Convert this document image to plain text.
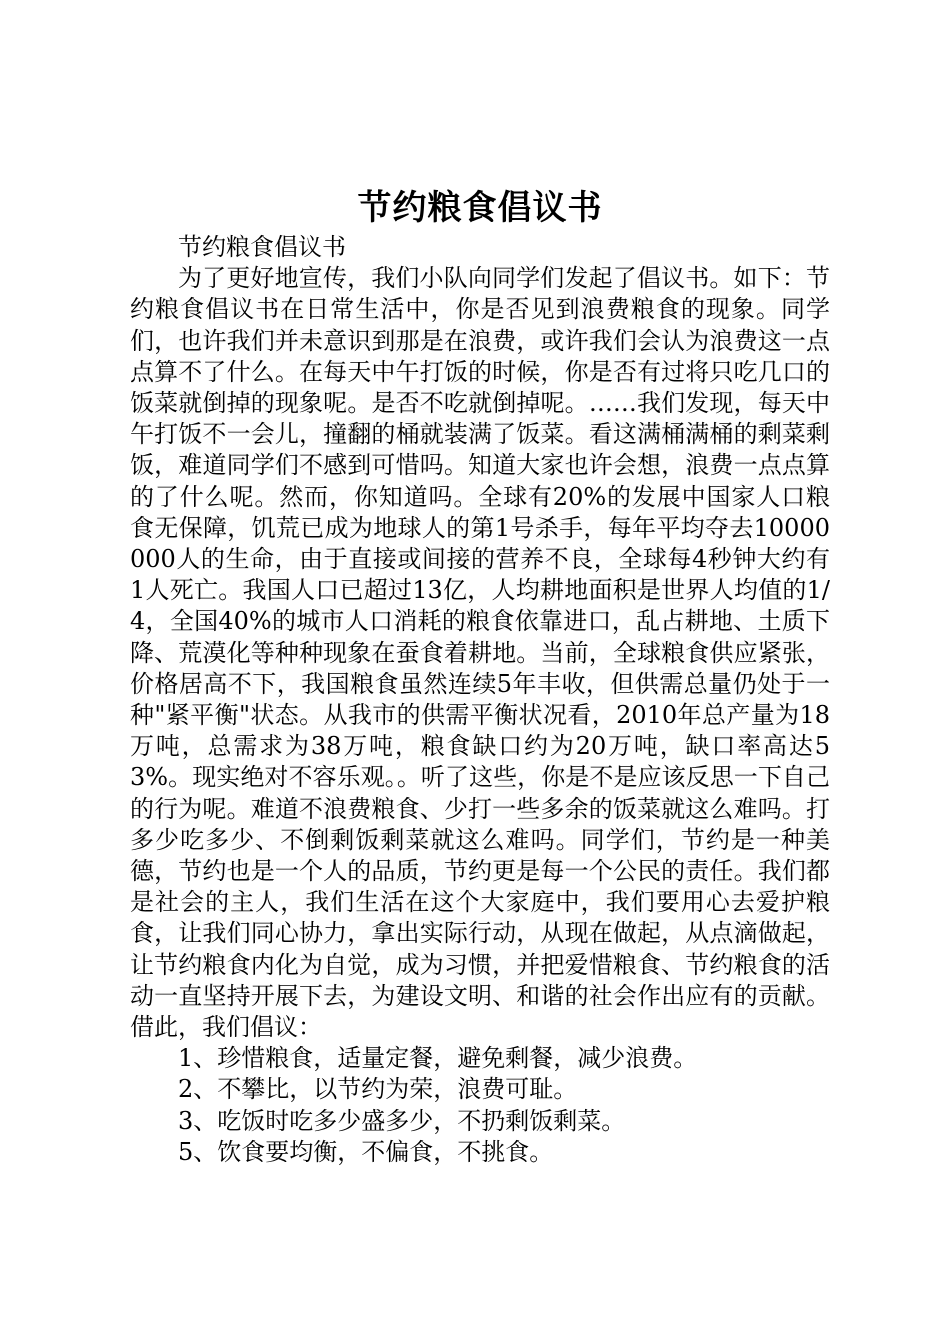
节约粮食倡议书

节约粮食倡议书

为了更好地宣传，我们小队向同学们发起了倡议书。如下：节约粮食倡议书在日常生活中，你是否见到浪费粮食的现象。同学们，也许我们并未意识到那是在浪费，或许我们会认为浪费这一点点算不了什么。在每天中午打饭的时候，你是否有过将只吃几口的饭菜就倒掉的现象呢。是否不吃就倒掉呢。……我们发现，每天中午打饭不一会儿，撞翻的桶就装满了饭菜。看这满桶满桶的剩菜剩饭，难道同学们不感到可惜吗。知道大家也许会想，浪费一点点算的了什么呢。然而，你知道吗。全球有20%的发展中国家人口粮食无保障，饥荒已成为地球人的第1号杀手，每年平均夺去10000000人的生命，由于直接或间接的营养不良，全球每4秒钟大约有1人死亡。我国人口已超过13亿，人均耕地面积是世界人均值的1/4，全国40%的城市人口消耗的粮食依靠进口，乱占耕地、土质下降、荒漠化等种种现象在蚕食着耕地。当前，全球粮食供应紧张，价格居高不下，我国粮食虽然连续5年丰收，但供需总量仍处于一种"紧平衡"状态。从我市的供需平衡状况看，2010年总产量为18万吨，总需求为38万吨，粮食缺口约为20万吨，缺口率高达53%。现实绝对不容乐观。。听了这些，你是不是应该反思一下自己的行为呢。难道不浪费粮食、少打一些多余的饭菜就这么难吗。打多少吃多少、不倒剩饭剩菜就这么难吗。同学们，节约是一种美德，节约也是一个人的品质，节约更是每一个公民的责任。我们都是社会的主人，我们生活在这个大家庭中，我们要用心去爱护粮食，让我们同心协力，拿出实际行动，从现在做起，从点滴做起，让节约粮食内化为自觉，成为习惯，并把爱惜粮食、节约粮食的活动一直坚持开展下去，为建设文明、和谐的社会作出应有的贡献。借此，我们倡议：

1、珍惜粮食，适量定餐，避免剩餐，减少浪费。

2、不攀比，以节约为荣，浪费可耻。

3、吃饭时吃多少盛多少，不扔剩饭剩菜。

5、饮食要均衡，不偏食，不挑食。
